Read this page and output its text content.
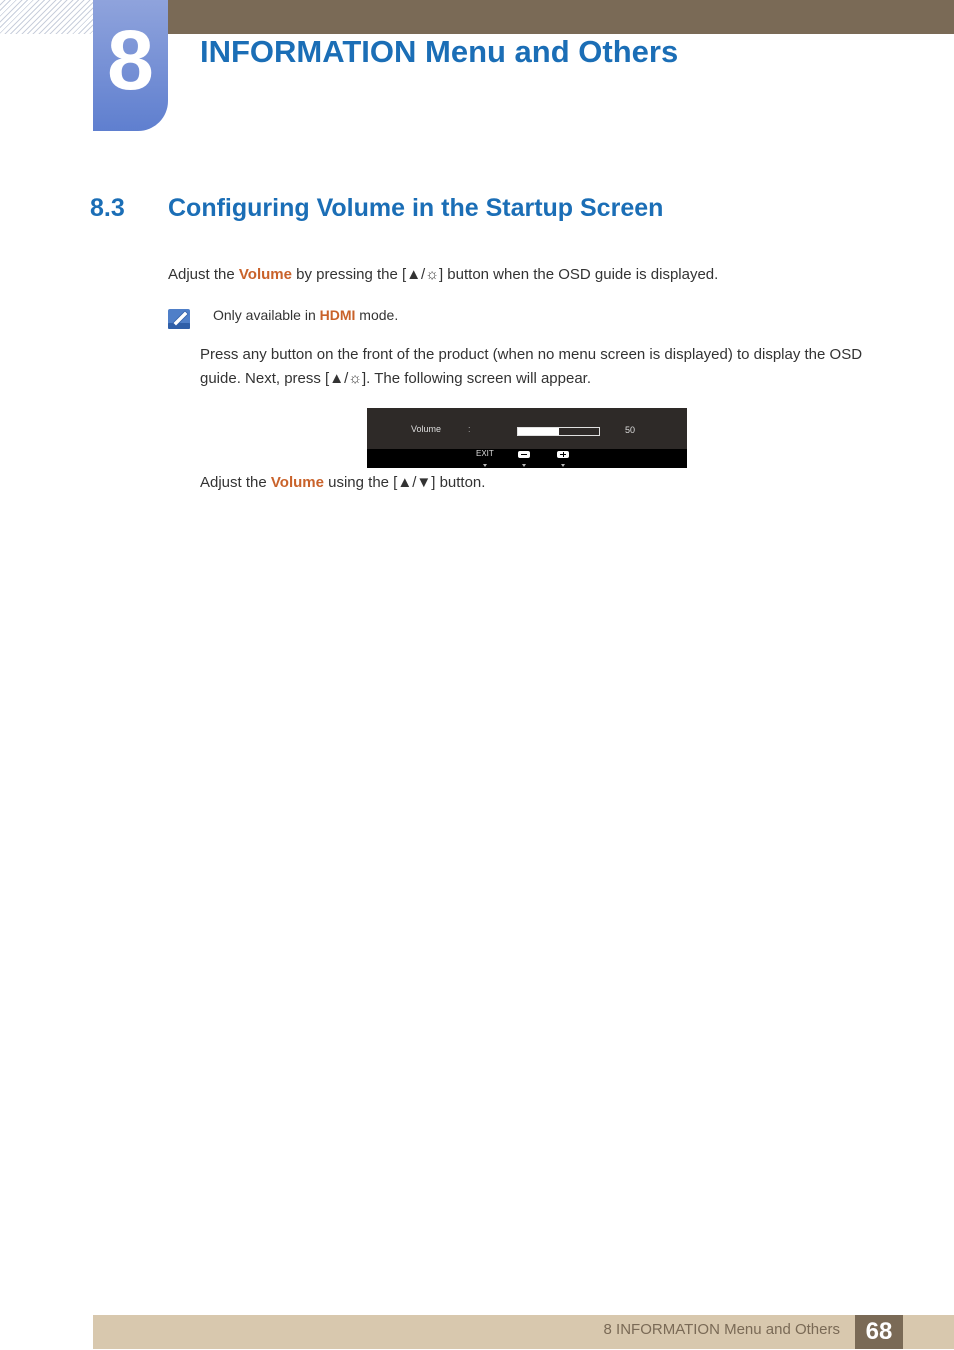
8	INFORMATION Menu and Others
8.3 Configuring Volume in the Startup Screen
Adjust the Volume by pressing the [▲/☼] button when the OSD guide is displayed.
Only available in HDMI mode.
Press any button on the front of the product (when no menu screen is displayed) to display the OSD
guide. Next, press [▲/☼]. The following screen will appear.
Volume	:	50
EXIT
Adjust the Volume using the [▲/▼] button.
8 INFORMATION Menu and Others	68
